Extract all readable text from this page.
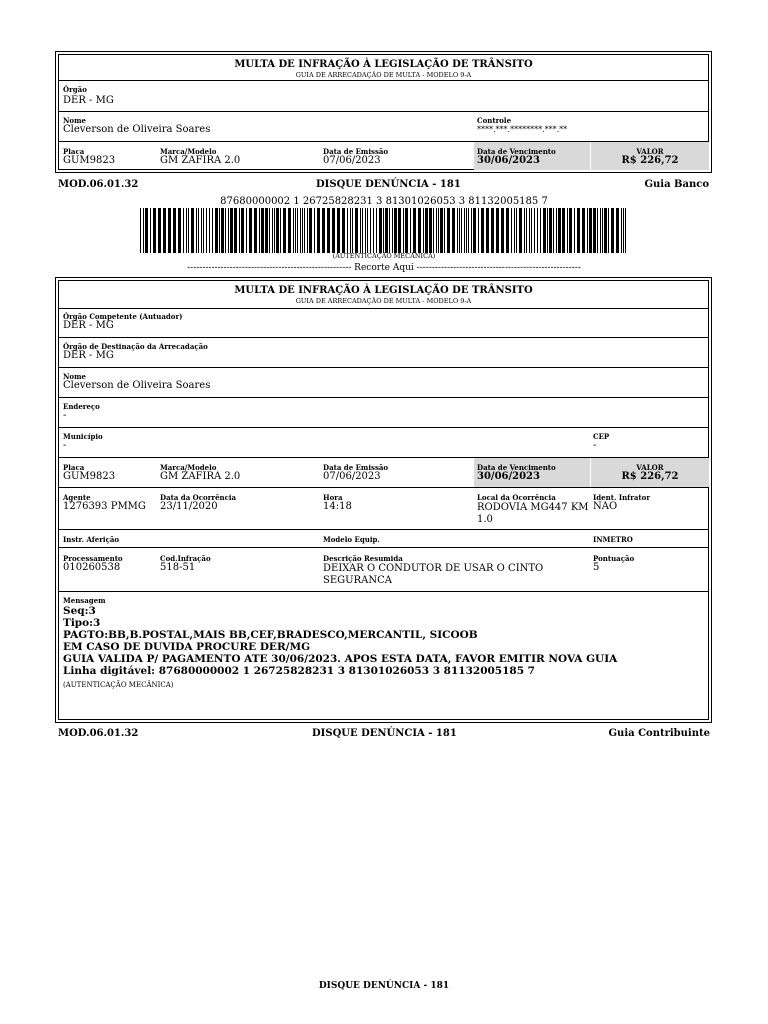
MULTA DE INFRAÇÃO À LEGISLAÇÃO DE TRÂNSITO
GUIA DE ARRECADAÇÃO DE MULTA - MODELO 9-A
Órgão
DER - MG
Nome
Cleverson de Oliveira Soares
Controle
****.***.********.***.**
Placa
GUM9823
Marca/Modelo
GM ZAFIRA 2.0
Data de Emissão
07/06/2023
Data de Vencimento
30/06/2023
VALOR
R$ 226,72
MOD.06.01.32	DISQUE DENÚNCIA - 181	Guia Banco
87680000002 1 26725828231 3 81301026053 3 81132005185 7
(AUTENTICAÇÃO MECÂNICA)
------------------------------------------------------ Recorte Aqui ------------------------------------------------------
MULTA DE INFRAÇÃO À LEGISLAÇÃO DE TRÂNSITO
GUIA DE ARRECADAÇÃO DE MULTA - MODELO 9-A
Órgão Competente (Autuador)
DER - MG
Órgão de Destinação da Arrecadação
DER - MG
Nome
Cleverson de Oliveira Soares
Endereço
-
Município
-
CEP
-
Placa
GUM9823
Marca/Modelo
GM ZAFIRA 2.0
Data de Emissão
07/06/2023
Data de Vencimento
30/06/2023
VALOR
R$ 226,72
Agente
1276393 PMMG
Data da Ocorrência
23/11/2020
Hora
14:18
Local da Ocorrência
RODOVIA MG447 KM 1.0
Ident. Infrator
NAO
Instr. Aferição	Modelo Equip.	INMETRO
Processamento
010260538
Cod.Infração
518-51
Descrição Resumida
DEIXAR O CONDUTOR DE USAR O CINTO SEGURANCA
Pontuação
5
Mensagem
Seq:3
Tipo:3
PAGTO:BB,B.POSTAL,MAIS BB,CEF,BRADESCO,MERCANTIL, SICOOB
EM CASO DE DUVIDA PROCURE DER/MG
GUIA VALIDA P/ PAGAMENTO ATE 30/06/2023. APOS ESTA DATA, FAVOR EMITIR NOVA GUIA
Linha digitável: 87680000002 1 26725828231 3 81301026053 3 81132005185 7
(AUTENTICAÇÃO MECÂNICA)
MOD.06.01.32	DISQUE DENÚNCIA - 181	Guia Contribuinte
DISQUE DENÚNCIA - 181
